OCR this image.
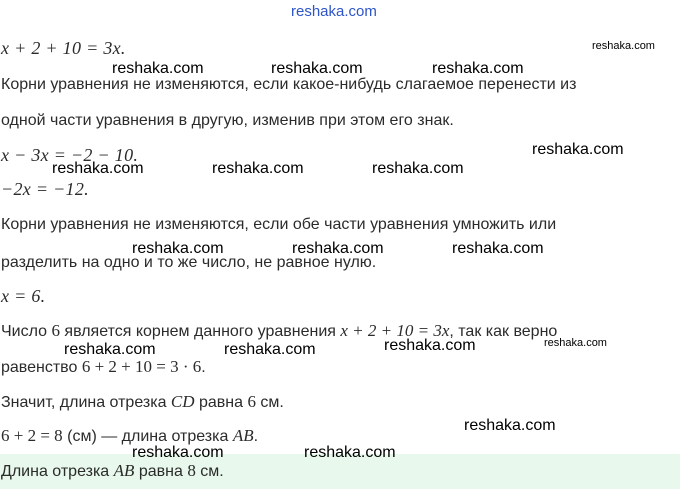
reshaka.com
x + 2 + 10 = 3x.
Корни уравнения не изменяются, если какое-нибудь слагаемое перенести из
одной части уравнения в другую, изменив при этом его знак.
x − 3x = −2 − 10.
−2x = −12.
Корни уравнения не изменяются, если обе части уравнения умножить или
разделить на одно и то же число, не равное нулю.
x = 6.
Число 6 является корнем данного уравнения x + 2 + 10 = 3x, так как верно
равенство 6 + 2 + 10 = 3 · 6.
Значит, длина отрезка CD равна 6 см.
6 + 2 = 8 (см) — длина отрезка AB.
Длина отрезка AB равна 8 см.
reshaka.com
reshaka.com	reshaka.com	reshaka.com
reshaka.com
reshaka.com	reshaka.com	reshaka.com
reshaka.com	reshaka.com	reshaka.com
reshaka.com
reshaka.com	reshaka.com	reshaka.com
reshaka.com
reshaka.com	reshaka.com
